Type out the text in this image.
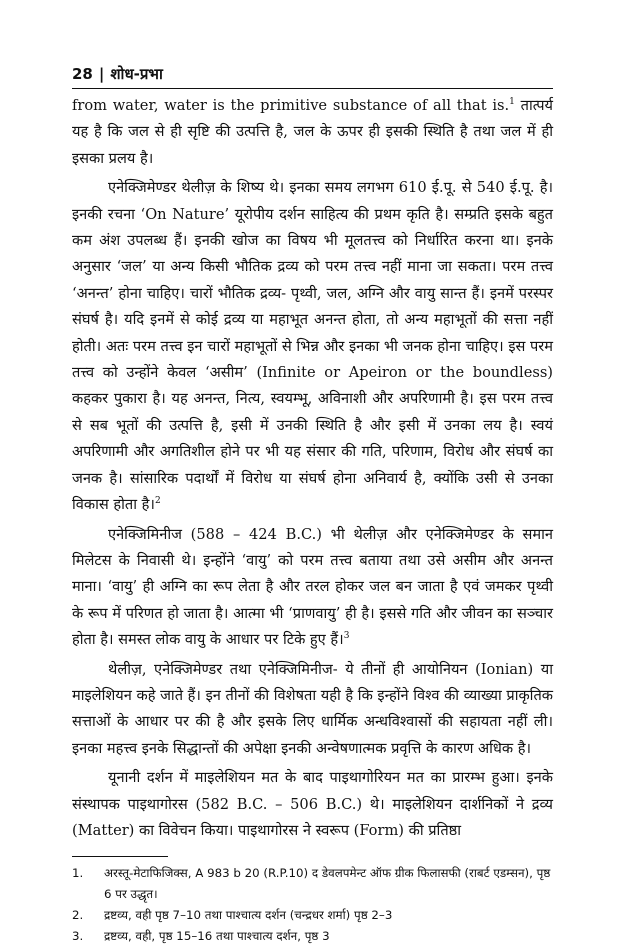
28 | शोध-प्रभा

from water, water is the primitive substance of all that is.$^1$ तात्पर्य यह है कि जल से ही सृष्टि की उत्पत्ति है, जल के ऊपर ही इसकी स्थिति है तथा जल में ही इसका प्रलय है।

एनेक्जिमेण्डर थेलीज़ के शिष्य थे। इनका समय लगभग 610 ई.पू. से 540 ई.पू. है। इनकी रचना ‘On Nature’ यूरोपीय दर्शन साहित्य की प्रथम कृति है। सम्प्रति इसके बहुत कम अंश उपलब्ध हैं। इनकी खोज का विषय भी मूलतत्त्व को निर्धारित करना था। इनके अनुसार ‘जल’ या अन्य किसी भौतिक द्रव्य को परम तत्त्व नहीं माना जा सकता। परम तत्त्व ‘अनन्त’ होना चाहिए। चारों भौतिक द्रव्य- पृथ्वी, जल, अग्नि और वायु सान्त हैं। इनमें परस्पर संघर्ष है। यदि इनमें से कोई द्रव्य या महाभूत अनन्त होता, तो अन्य महाभूतों की सत्ता नहीं होती। अतः परम तत्त्व इन चारों महाभूतों से भिन्न और इनका भी जनक होना चाहिए। इस परम तत्त्व को उन्होंने केवल ‘असीम’ (Infinite or Apeiron or the boundless) कहकर पुकारा है। यह अनन्त, नित्य, स्वयम्भू, अविनाशी और अपरिणामी है। इस परम तत्त्व से सब भूतों की उत्पत्ति है, इसी में उनकी स्थिति है और इसी में उनका लय है। स्वयं अपरिणामी और अगतिशील होने पर भी यह संसार की गति, परिणाम, विरोध और संघर्ष का जनक है। सांसारिक पदार्थों में विरोध या संघर्ष होना अनिवार्य है, क्योंकि उसी से उनका विकास होता है।$^2$

एनेक्जिमिनीज (588 – 424 B.C.) भी थेलीज़ और एनेक्जिमेण्डर के समान मिलेटस के निवासी थे। इन्होंने ‘वायु’ को परम तत्त्व बताया तथा उसे असीम और अनन्त माना। ‘वायु’ ही अग्नि का रूप लेता है और तरल होकर जल बन जाता है एवं जमकर पृथ्वी के रूप में परिणत हो जाता है। आत्मा भी ‘प्राणवायु’ ही है। इससे गति और जीवन का सञ्चार होता है। समस्त लोक वायु के आधार पर टिके हुए हैं।$^3$

थेलीज़, एनेक्जिमेण्डर तथा एनेक्जिमिनीज- ये तीनों ही आयोनियन (Ionian) या माइलेशियन कहे जाते हैं। इन तीनों की विशेषता यही है कि इन्होंने विश्व की व्याख्या प्राकृतिक सत्ताओं के आधार पर की है और इसके लिए धार्मिक अन्धविश्वासों की सहायता नहीं ली। इनका महत्त्व इनके सिद्धान्तों की अपेक्षा इनकी अन्वेषणात्मक प्रवृत्ति के कारण अधिक है।

यूनानी दर्शन में माइलेशियन मत के बाद पाइथागोरियन मत का प्रारम्भ हुआ। इनके संस्थापक पाइथागोरस (582 B.C. – 506 B.C.) थे। माइलेशियन दार्शनिकों ने द्रव्य (Matter) का विवेचन किया। पाइथागोरस ने स्वरूप (Form) की प्रतिष्ठा

1.	अरस्तू-मेटाफिजिक्स, A 983 b 20 (R.P.10) द डेवलपमेन्ट ऑफ ग्रीक फिलासफी (राबर्ट एडम्सन), पृष्ठ 6 पर उद्धृत।
2.	द्रष्टव्य, वही पृष्ठ 7–10 तथा पाश्चात्य दर्शन (चन्द्रधर शर्मा) पृष्ठ 2–3
3.	द्रष्टव्य, वही, पृष्ठ 15–16 तथा पाश्चात्य दर्शन, पृष्ठ 3
